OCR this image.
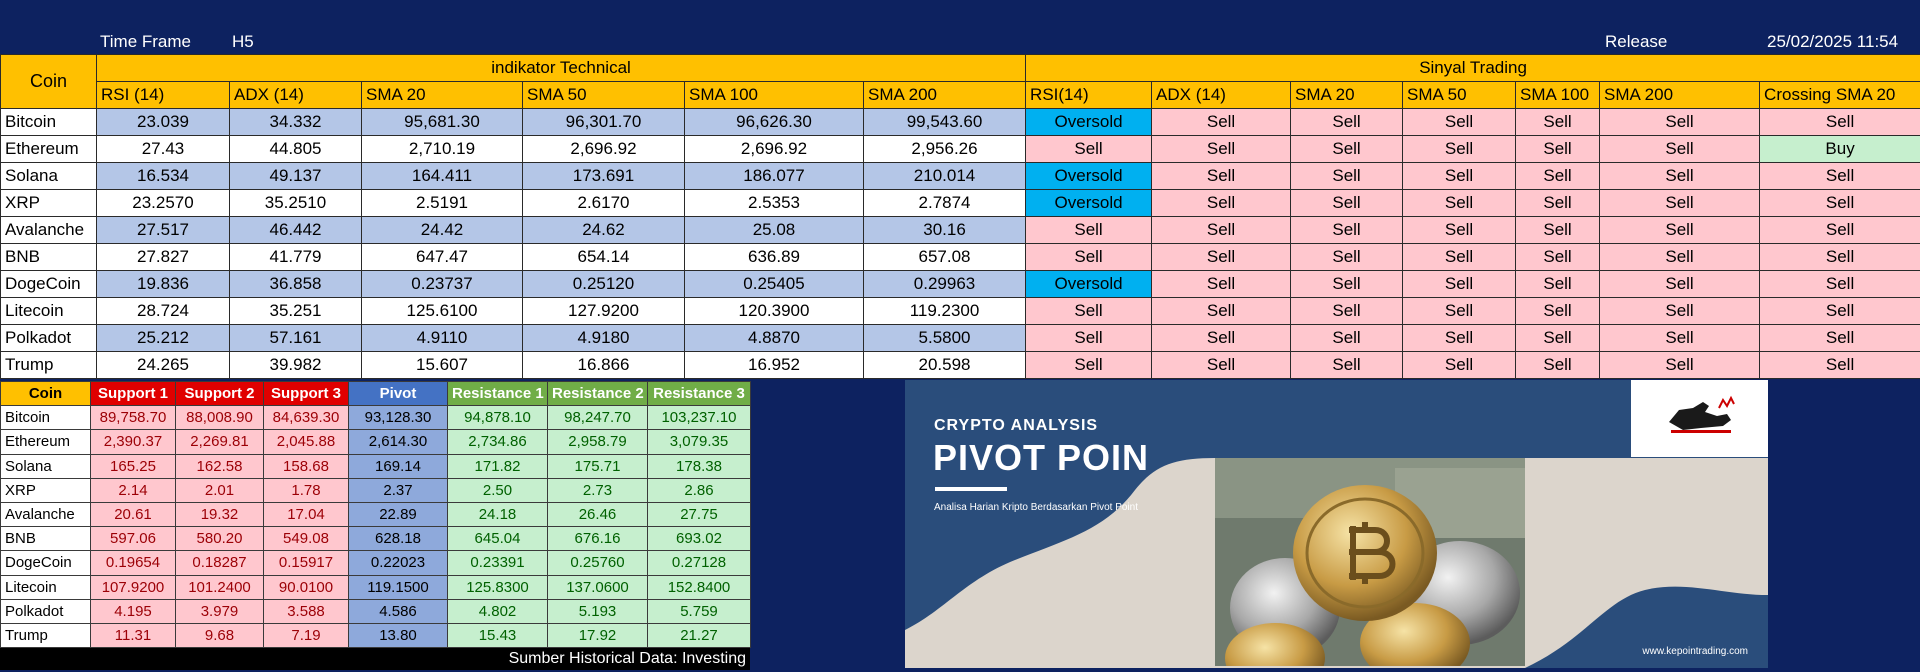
Time Frame H5	Release	25/02/2025 11:54
Coin	indikator Technical						Sinyal Trading						
	RSI (14)	ADX (14)	SMA 20	SMA 50	SMA 100	SMA 200	RSI(14)	ADX (14)	SMA 20	SMA 50	SMA 100	SMA 200	Crossing SMA 20
Bitcoin	23.039	34.332	95,681.30	96,301.70	96,626.30	99,543.60	Oversold	Sell	Sell	Sell	Sell	Sell	Sell
Ethereum	27.43	44.805	2,710.19	2,696.92	2,696.92	2,956.26	Sell	Sell	Sell	Sell	Sell	Sell	Buy
Solana	16.534	49.137	164.411	173.691	186.077	210.014	Oversold	Sell	Sell	Sell	Sell	Sell	Sell
XRP	23.2570	35.2510	2.5191	2.6170	2.5353	2.7874	Oversold	Sell	Sell	Sell	Sell	Sell	Sell
Avalanche	27.517	46.442	24.42	24.62	25.08	30.16	Sell	Sell	Sell	Sell	Sell	Sell	Sell
BNB	27.827	41.779	647.47	654.14	636.89	657.08	Sell	Sell	Sell	Sell	Sell	Sell	Sell
DogeCoin	19.836	36.858	0.23737	0.25120	0.25405	0.29963	Oversold	Sell	Sell	Sell	Sell	Sell	Sell
Litecoin	28.724	35.251	125.6100	127.9200	120.3900	119.2300	Sell	Sell	Sell	Sell	Sell	Sell	Sell
Polkadot	25.212	57.161	4.9110	4.9180	4.8870	5.5800	Sell	Sell	Sell	Sell	Sell	Sell	Sell
Trump	24.265	39.982	15.607	16.866	16.952	20.598	Sell	Sell	Sell	Sell	Sell	Sell	Sell
Coin	Support 1	Support 2	Support 3	Pivot	Resistance 1	Resistance 2	Resistance 3
Bitcoin	89,758.70	88,008.90	84,639.30	93,128.30	94,878.10	98,247.70	103,237.10
Ethereum	2,390.37	2,269.81	2,045.88	2,614.30	2,734.86	2,958.79	3,079.35
Solana	165.25	162.58	158.68	169.14	171.82	175.71	178.38
XRP	2.14	2.01	1.78	2.37	2.50	2.73	2.86
Avalanche	20.61	19.32	17.04	22.89	24.18	26.46	27.75
BNB	597.06	580.20	549.08	628.18	645.04	676.16	693.02
DogeCoin	0.19654	0.18287	0.15917	0.22023	0.23391	0.25760	0.27128
Litecoin	107.9200	101.2400	90.0100	119.1500	125.8300	137.0600	152.8400
Polkadot	4.195	3.979	3.588	4.586	4.802	5.193	5.759
Trump	11.31	9.68	7.19	13.80	15.43	17.92	21.27
Sumber Historical Data: Investing
CRYPTO ANALYSIS
PIVOT POIN
Analisa Harian Kripto Berdasarkan Pivot Point
www.kepointrading.com
